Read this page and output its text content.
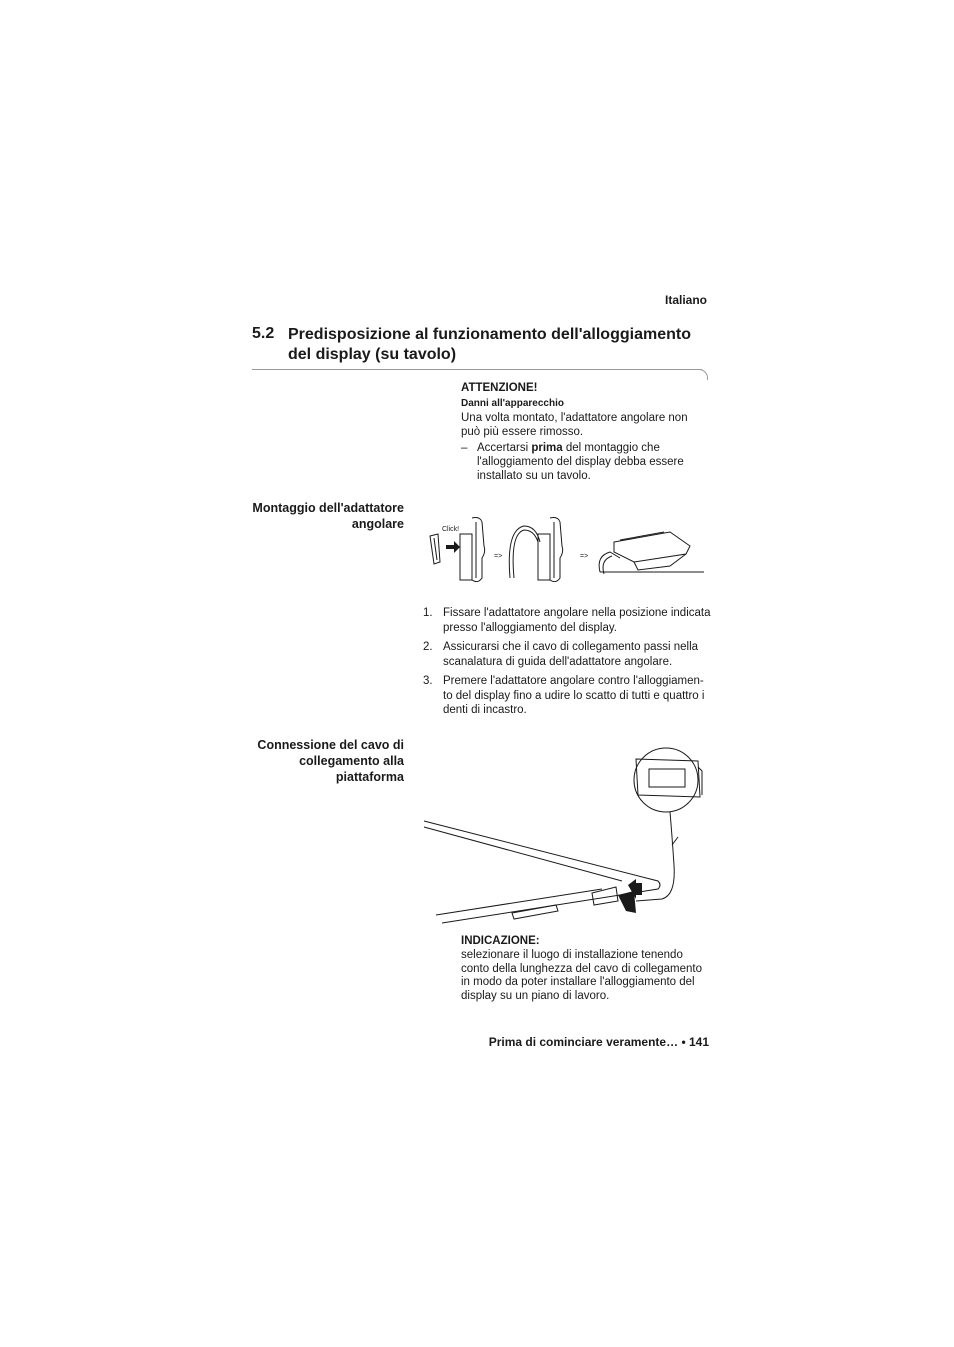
Italiano
5.2 Predisposizione al funzionamento dell'alloggiamento del display (su tavolo)
ATTENZIONE!
Danni all'apparecchio
Una volta montato, l'adattatore angolare non può più essere rimosso.
– Accertarsi prima del montaggio che l'alloggiamento del display debba essere installato su un tavolo.
Montaggio dell'adattatore angolare	Click!
=>	=>
1. Fissare l'adattatore angolare nella posizione indicata presso l'alloggiamento del display.
2. Assicurarsi che il cavo di collegamento passi nella scanalatura di guida dell'adattatore angolare.
3. Premere l'adattatore angolare contro l'alloggiamen-to del display fino a udire lo scatto di tutti e quattro i denti di incastro.
Connessione del cavo di collegamento alla piattaforma
INDICAZIONE:
selezionare il luogo di installazione tenendo conto della lunghezza del cavo di collegamento in modo da poter installare l'alloggiamento del display su un piano di lavoro.
Prima di cominciare veramente… • 141
